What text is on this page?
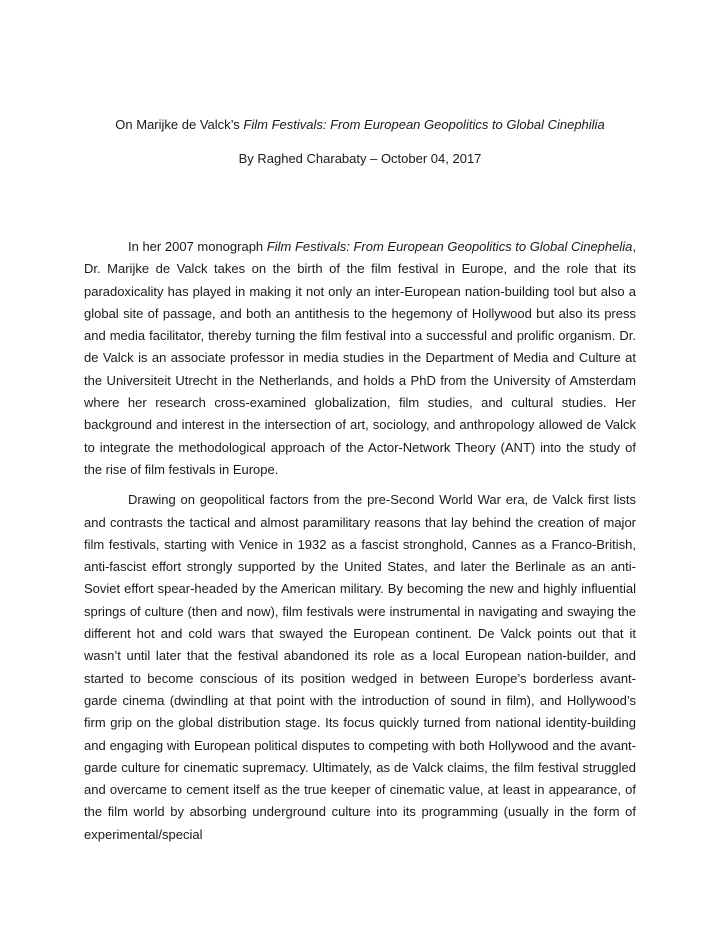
On Marijke de Valck’s Film Festivals: From European Geopolitics to Global Cinephilia
By Raghed Charabaty – October 04, 2017

In her 2007 monograph Film Festivals: From European Geopolitics to Global Cinephelia, Dr. Marijke de Valck takes on the birth of the film festival in Europe, and the role that its paradoxicality has played in making it not only an inter-European nation-building tool but also a global site of passage, and both an antithesis to the hegemony of Hollywood but also its press and media facilitator, thereby turning the film festival into a successful and prolific organism. Dr. de Valck is an associate professor in media studies in the Department of Media and Culture at the Universiteit Utrecht in the Netherlands, and holds a PhD from the University of Amsterdam where her research cross-examined globalization, film studies, and cultural studies. Her background and interest in the intersection of art, sociology, and anthropology allowed de Valck to integrate the methodological approach of the Actor-Network Theory (ANT) into the study of the rise of film festivals in Europe.

Drawing on geopolitical factors from the pre-Second World War era, de Valck first lists and contrasts the tactical and almost paramilitary reasons that lay behind the creation of major film festivals, starting with Venice in 1932 as a fascist stronghold, Cannes as a Franco-British, anti-fascist effort strongly supported by the United States, and later the Berlinale as an anti-Soviet effort spear-headed by the American military. By becoming the new and highly influential springs of culture (then and now), film festivals were instrumental in navigating and swaying the different hot and cold wars that swayed the European continent. De Valck points out that it wasn’t until later that the festival abandoned its role as a local European nation-builder, and started to become conscious of its position wedged in between Europe’s borderless avant-garde cinema (dwindling at that point with the introduction of sound in film), and Hollywood’s firm grip on the global distribution stage. Its focus quickly turned from national identity-building and engaging with European political disputes to competing with both Hollywood and the avant-garde culture for cinematic supremacy. Ultimately, as de Valck claims, the film festival struggled and overcame to cement itself as the true keeper of cinematic value, at least in appearance, of the film world by absorbing underground culture into its programming (usually in the form of experimental/special
